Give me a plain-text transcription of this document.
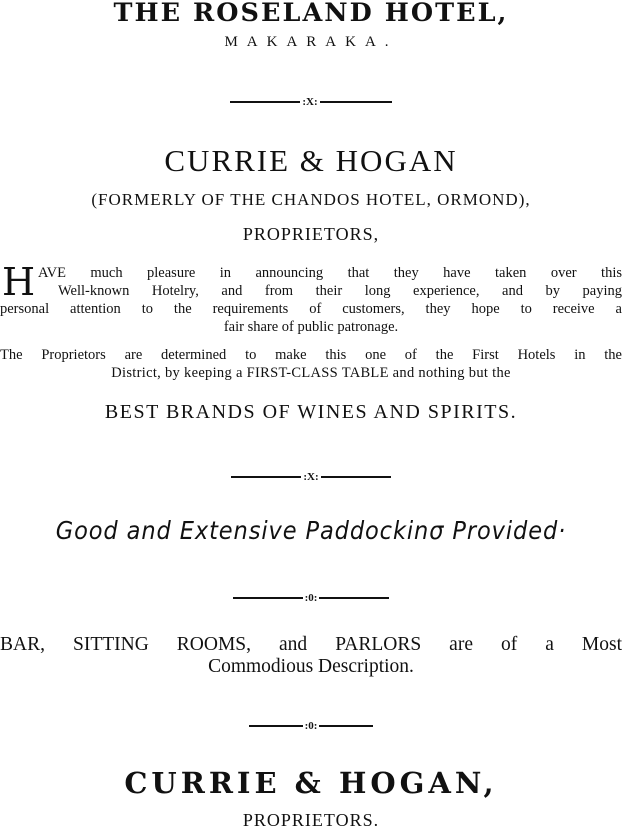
THE ROSELAND HOTEL,
MAKARAKA.
:X:
CURRIE & HOGAN
(FORMERLY OF THE CHANDOS HOTEL, ORMOND),
PROPRIETORS,
H AVE much pleasure in announcing that they have taken over this
Well-known Hotelry, and from their long experience, and by paying
personal attention to the requirements of customers, they hope to receive a
fair share of public patronage.
The Proprietors are determined to make this one of the First Hotels in the
District, by keeping a FIRST-CLASS TABLE and nothing but the
BEST BRANDS OF WINES AND SPIRITS.
:X:
Good and Extensive Paddockinσ Provided·
:0:
BAR, SITTING ROOMS, and PARLORS are of a Most
Commodious Description.
:0:
CURRIE & HOGAN,
PROPRIETORS.
